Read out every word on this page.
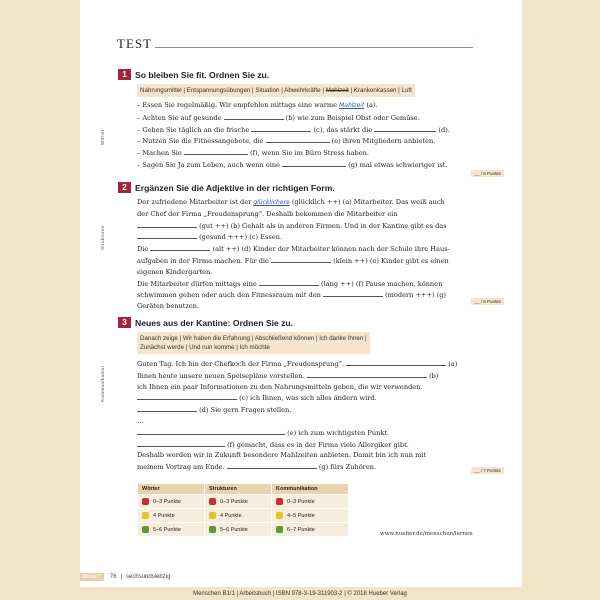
TEST
Wörter
1 So bleiben Sie fit. Ordnen Sie zu.
Nahrungsmittel | Entspannungsübungen | Situation | Abwehrkräfte | Mahlzeit | Krankenkassen | Luft
– Essen Sie regelmäßig. Wir empfehlen mittags eine warme Mahlzeit (a).
– Achten Sie auf gesunde	(b) wie zum Beispiel Obst oder Gemüse.
– Gehen Sie täglich an die frische	(c), das stärkt die	(d).
– Nutzen Sie die Fitnessangebote, die	(e) ihren Mitgliedern anbieten.
– Machen Sie	(f), wenn Sie im Büro Stress haben.
– Sagen Sie Ja zum Leben, auch wenn eine	(g) mal etwas schwieriger ist.
__ / 6 Punkte
Strukturen
2 Ergänzen Sie die Adjektive in der richtigen Form.
Der zufriedene Mitarbeiter ist der glücklichere (glücklich ++) (a) Mitarbeiter. Das weiß auch
der Chef der Firma „Freudensprung“. Deshalb bekommen die Mitarbeiter ein
(gut ++) (b) Gehalt als in anderen Firmen. Und in der Kantine gibt es das
(gesund +++) (c) Essen.
Die	(alt ++) (d) Kinder der Mitarbeiter können nach der Schule ihre Haus-
aufgaben in der Firma machen. Für die	(klein ++) (e) Kinder gibt es einen
eigenen Kindergarten.
Die Mitarbeiter dürfen mittags eine	(lang ++) (f) Pause machen, können
schwimmen gehen oder auch den Fitnessraum mit den	(modern +++) (g)
Geräten benutzen.
__ / 6 Punkte
Kommunikation
3 Neues aus der Kantine: Ordnen Sie zu.
Danach zeige | Wir haben die Erfahrung | Abschließend können | Ich danke Ihnen |
Zunächst werde | Und nun komme | Ich möchte
Guten Tag. Ich bin der Chefkoch der Firma „Freudensprung“.	(a)
Ihnen heute unsere neuen Speisepläne vorstellen.	(b)
ich Ihnen ein paar Informationen zu den Nahrungsmitteln geben, die wir verwenden.
(c) ich Ihnen, was sich alles ändern wird.
(d) Sie gern Fragen stellen.
…
(e) ich zum wichtigsten Punkt.
(f) gemacht, dass es in der Firma viele Allergiker gibt.
Deshalb werden wir in Zukunft besondere Mahlzeiten anbieten. Damit bin ich nun mit
meinem Vortrag am Ende.	(g) fürs Zuhören.	__ / 7 Punkte
Wörter	Strukturen	Kommunikation
0–3 Punkte	0–3 Punkte	0–3 Punkte
4 Punkte	4 Punkte	4–5 Punkte
5–6 Punkte	5–6 Punkte	6–7 Punkte
www.hueber.de/menschen/lernen
Modul 7	76 | sechsundsiebzig
Menschen B1/1 | Arbeitsbuch | ISBN 978-3-19-311903-2 | © 2018 Hueber Verlag
